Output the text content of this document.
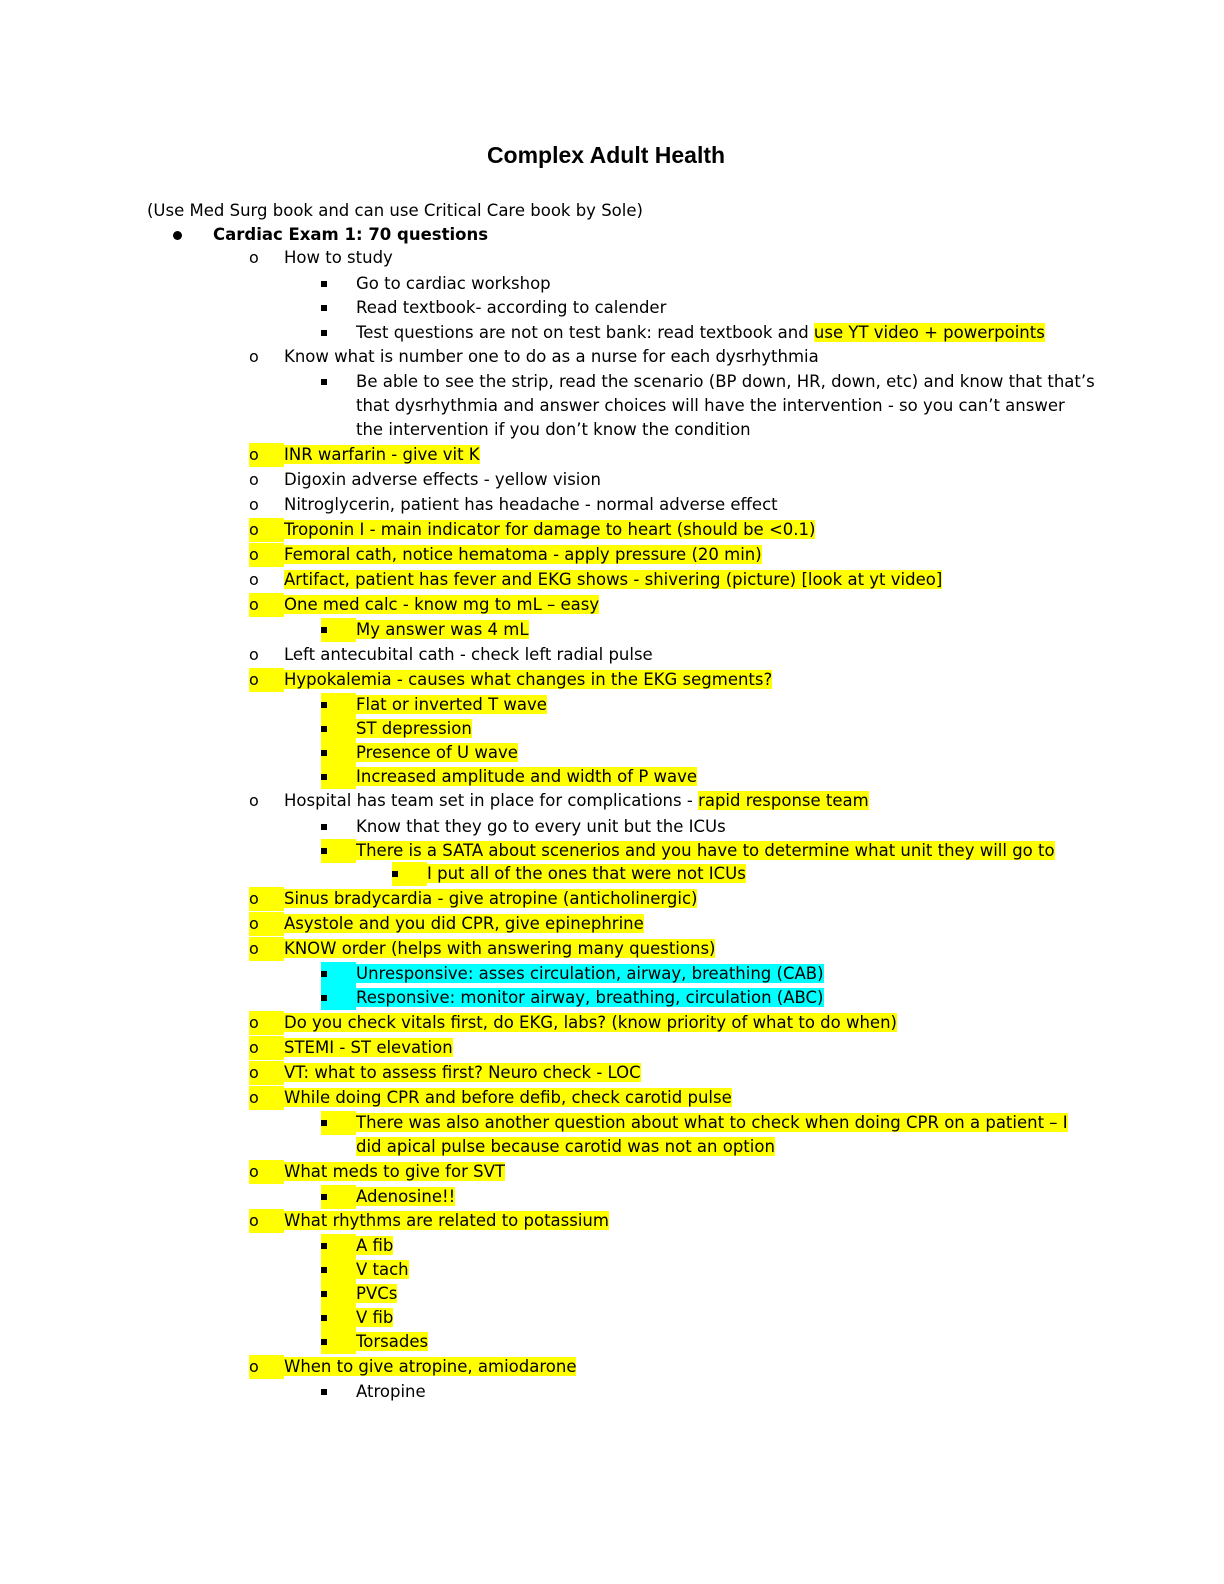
Complex Adult Health
(Use Med Surg book and can use Critical Care book by Sole)
Cardiac Exam 1: 70 questions
o How to study
Go to cardiac workshop
Read textbook- according to calender
Test questions are not on test bank: read textbook and use YT video + powerpoints
o Know what is number one to do as a nurse for each dysrhythmia
Be able to see the strip, read the scenario (BP down, HR, down, etc) and know that that’s
that dysrhythmia and answer choices will have the intervention - so you can’t answer
the intervention if you don’t know the condition
o	INR warfarin - give vit K
o Digoxin adverse effects - yellow vision
o Nitroglycerin, patient has headache - normal adverse effect
o	Troponin I - main indicator for damage to heart (should be <0.1)
o	Femoral cath, notice hematoma - apply pressure (20 min)
o Artifact, patient has fever and EKG shows - shivering (picture) [look at yt video]
o	One med calc - know mg to mL – easy
My answer was 4 mL
o Left antecubital cath - check left radial pulse
o	Hypokalemia - causes what changes in the EKG segments?
Flat or inverted T wave
ST depression
Presence of U wave
Increased amplitude and width of P wave
o Hospital has team set in place for complications - rapid response team
Know that they go to every unit but the ICUs
There is a SATA about scenerios and you have to determine what unit they will go to
I put all of the ones that were not ICUs
o	Sinus bradycardia - give atropine (anticholinergic)
o	Asystole and you did CPR, give epinephrine
o	KNOW order (helps with answering many questions)
Unresponsive: asses circulation, airway, breathing (CAB)
Responsive: monitor airway, breathing, circulation (ABC)
o	Do you check vitals first, do EKG, labs? (know priority of what to do when)
o	STEMI - ST elevation
o	VT: what to assess first? Neuro check - LOC
o	While doing CPR and before defib, check carotid pulse
There was also another question about what to check when doing CPR on a patient – I
did apical pulse because carotid was not an option
o	What meds to give for SVT
Adenosine!!
o	What rhythms are related to potassium
A fib
V tach
PVCs
V fib
Torsades
o	When to give atropine, amiodarone
Atropine
